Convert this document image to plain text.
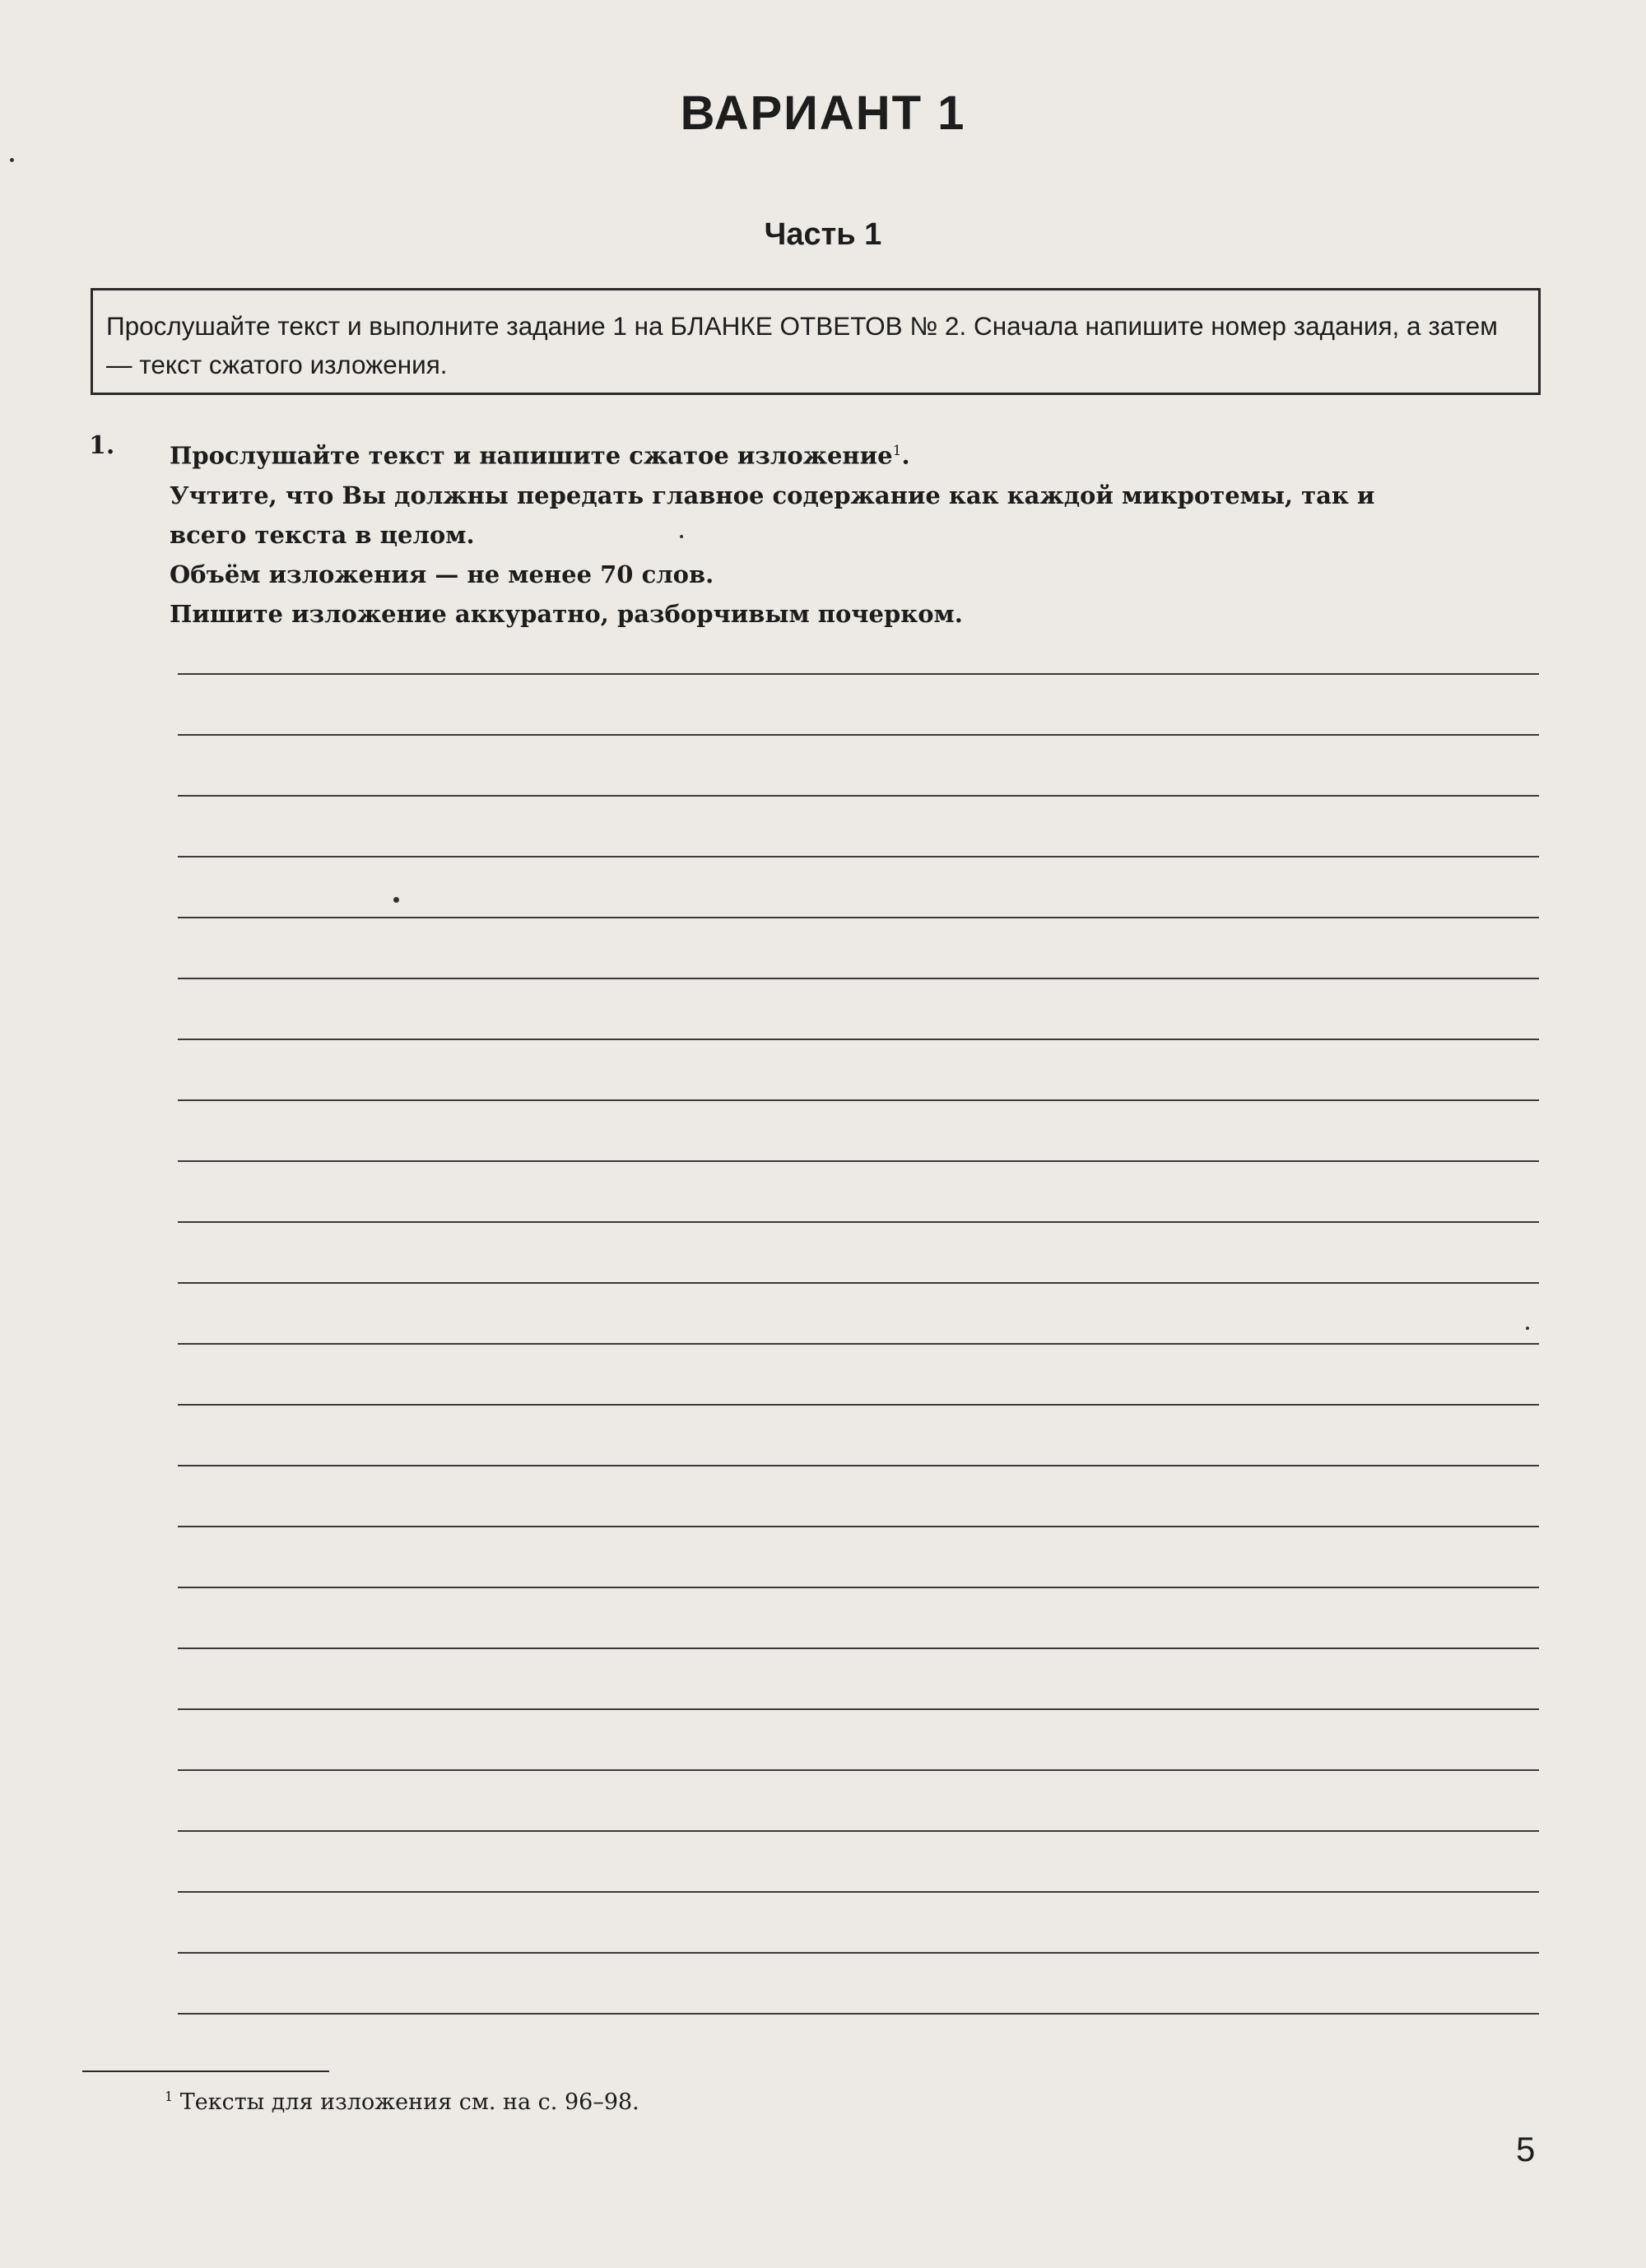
ВАРИАНТ 1
Часть 1

Прослушайте текст и выполните задание 1 на БЛАНКЕ ОТВЕТОВ № 2. Сначала напишите номер задания, а затем — текст сжатого изложения.

1. Прослушайте текст и напишите сжатое изложение$^1$.
Учтите, что Вы должны передать главное содержание как каждой микротемы, так и
всего текста в целом.
Объём изложения — не менее 70 слов.
Пишите изложение аккуратно, разборчивым почерком.
$^1$ Тексты для изложения см. на с. 96–98.
5
